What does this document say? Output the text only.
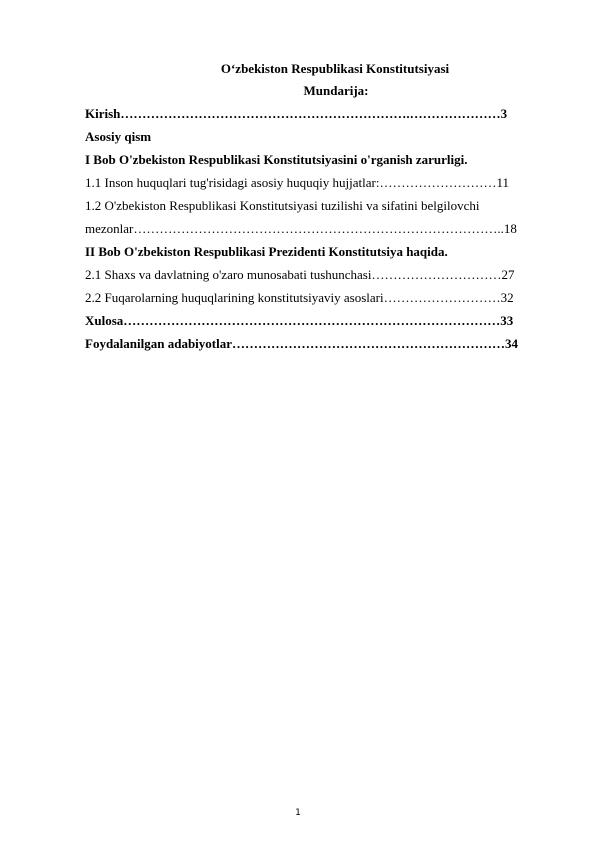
O‘zbekiston Respublikasi Konstitutsiyasi
Mundarija:
Kirish………………………………………………………….…………………3
Asosiy qism
I Bob O'zbekiston Respublikasi Konstitutsiyasini o'rganish zarurligi.
1.1 Inson huquqlari tug'risidagi asosiy huquqiy hujjatlar:………………………11
1.2 O'zbekiston Respublikasi Konstitutsiyasi tuzilishi va sifatini belgilovchi
mezonlar…………………………………………………………………………..18
II Bob O'zbekiston Respublikasi Prezidenti Konstitutsiya haqida.
2.1 Shaxs va davlatning o'zaro munosabati tushunchasi…………………………27
2.2 Fuqarolarning huquqlarining konstitutsiyaviy asoslari………………………32
Xulosa……………………………………………………………………………33
Foydalanilgan adabiyotlar………………………………………………………34
1
